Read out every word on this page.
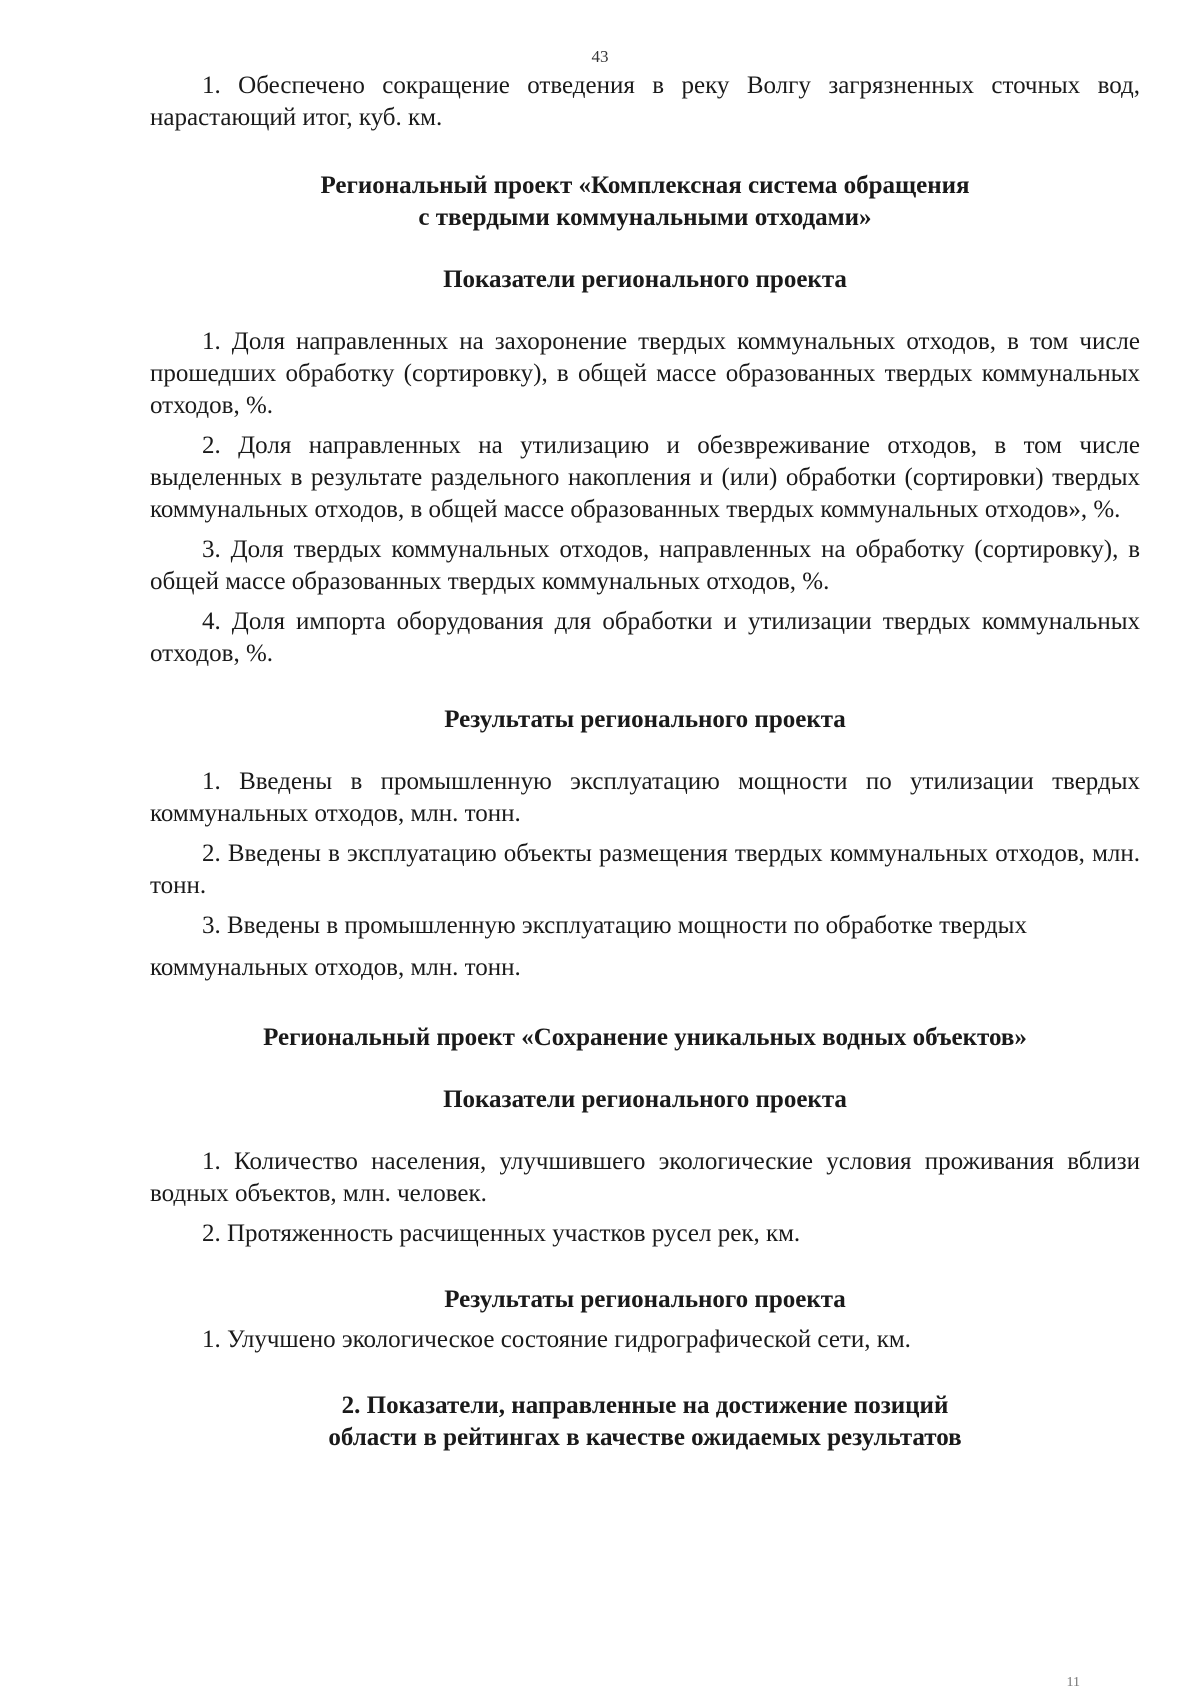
43

1. Обеспечено сокращение отведения в реку Волгу загрязненных сточных вод, нарастающий итог, куб. км.

Региональный проект «Комплексная система обращения

с твердыми коммунальными отходами»

Показатели регионального проекта

1. Доля направленных на захоронение твердых коммунальных отходов, в том числе прошедших обработку (сортировку), в общей массе образованных твердых коммунальных отходов, %.

2. Доля направленных на утилизацию и обезвреживание отходов, в том числе выделенных в результате раздельного накопления и (или) обработки (сортировки) твердых коммунальных отходов, в общей массе образованных твердых коммунальных отходов», %.

3. Доля твердых коммунальных отходов, направленных на обработку (сортировку), в общей массе образованных твердых коммунальных отходов, %.

4. Доля импорта оборудования для обработки и утилизации твердых коммунальных отходов, %.

Результаты регионального проекта

1. Введены в промышленную эксплуатацию мощности по утилизации твердых коммунальных отходов, млн. тонн.

2. Введены в эксплуатацию объекты размещения твердых коммунальных отходов, млн. тонн.

3. Введены в промышленную эксплуатацию мощности по обработке твердых

коммунальных отходов, млн. тонн.

Региональный проект «Сохранение уникальных водных объектов»

Показатели регионального проекта

1. Количество населения, улучшившего экологические условия проживания вблизи водных объектов, млн. человек.

2. Протяженность расчищенных участков русел рек, км.

Результаты регионального проекта

1. Улучшено экологическое состояние гидрографической сети, км.

2. Показатели, направленные на достижение позиций

области в рейтингах в качестве ожидаемых результатов

11
